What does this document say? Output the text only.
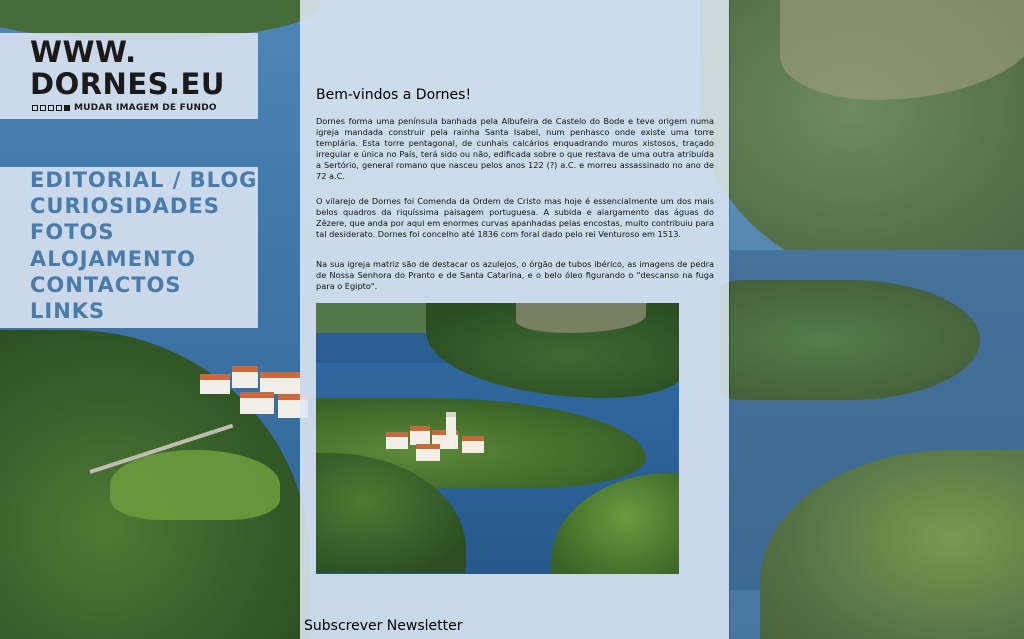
WWW.
DORNES.EU
MUDAR IMAGEM DE FUNDO
EDITORIAL / BLOG
CURIOSIDADES
FOTOS
ALOJAMENTO
CONTACTOS
LINKS
Bem-vindos a Dornes!

Dornes forma uma península banhada pela Albufeira de Castelo do Bode e teve origem numa igreja mandada construir pela rainha Santa Isabel, num penhasco onde existe uma torre templária. Esta torre pentagonal, de cunhais calcários enquadrando muros xistosos, traçado irregular e única no País, terá sido ou não, edificada sobre o que restava de uma outra atribuída a Sertório, general romano que nasceu pelos anos 122 (?) a.C. e morreu assassinado no ano de 72 a.C.

O vilarejo de Dornes foi Comenda da Ordem de Cristo mas hoje é essencialmente um dos mais belos quadros da riquíssima paisagem portuguesa. A subida e alargamento das águas do Zêzere, que anda por aqui em enormes curvas apanhadas pelas encostas, muito contribuiu para tal desiderato. Dornes foi concelho até 1836 com foral dado pelo rei Venturoso em 1513.

Na sua igreja matriz são de destacar os azulejos, o órgão de tubos ibérico, as imagens de pedra de Nossa Senhora do Pranto e de Santa Catarina, e o belo óleo figurando o "descanso na fuga para o Egipto".

Subscrever Newsletter
